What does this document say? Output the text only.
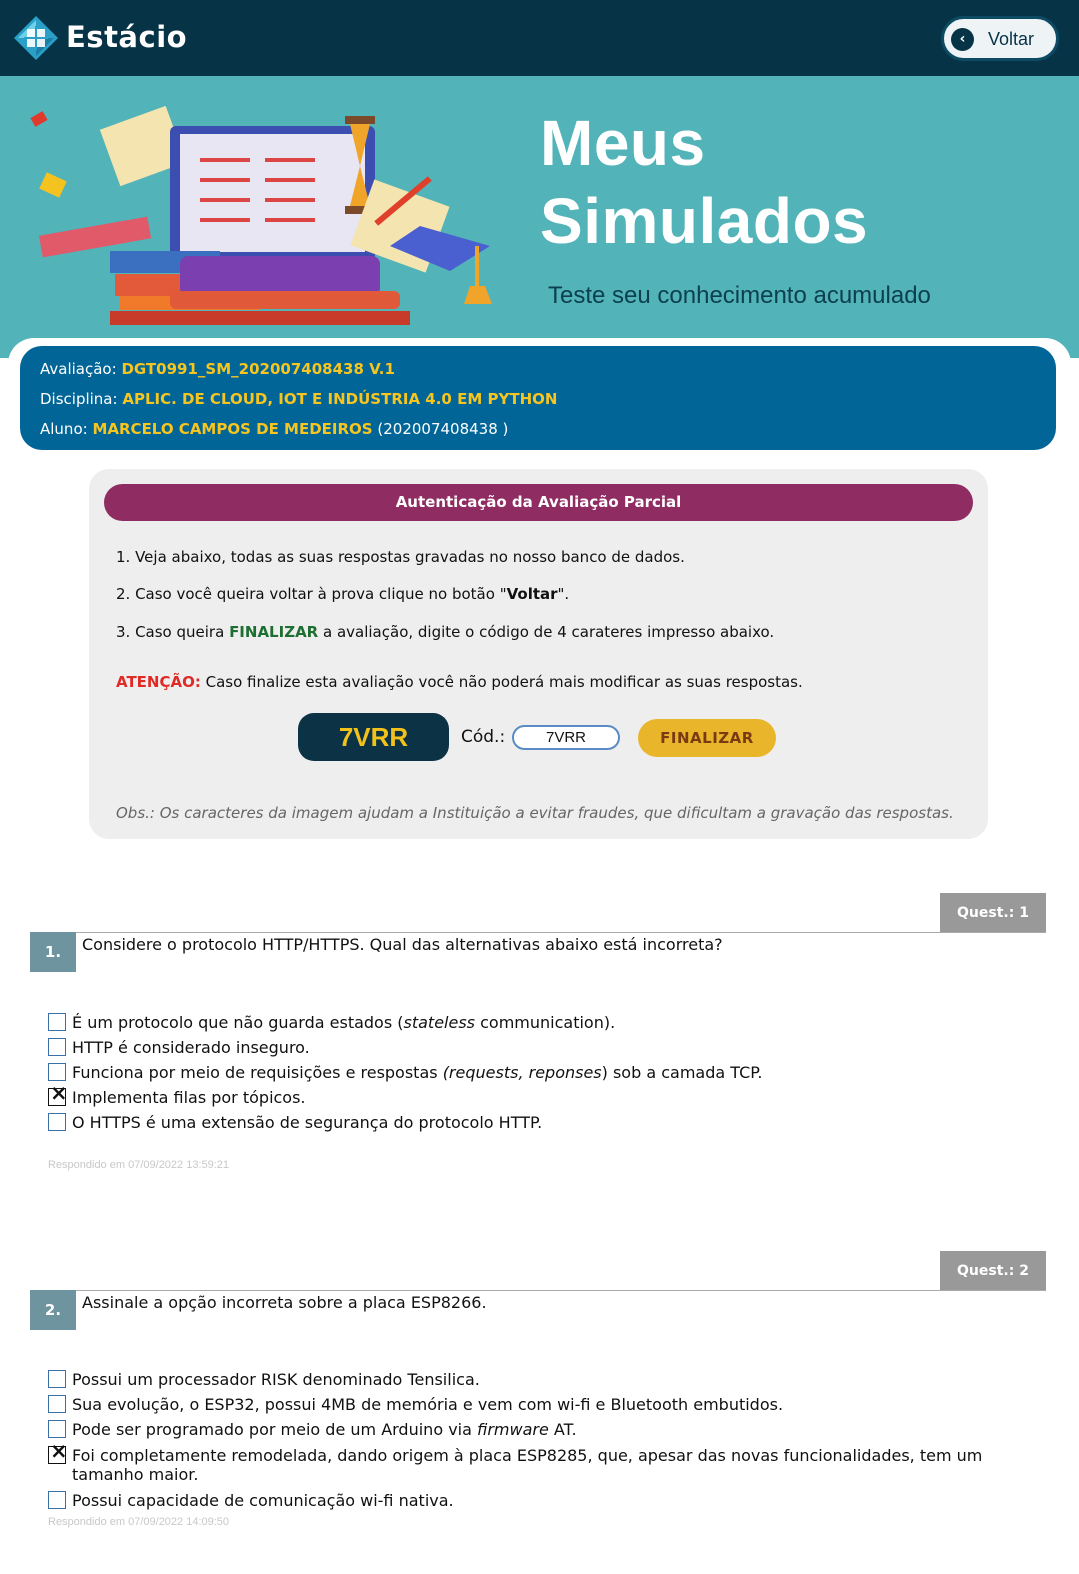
Estácio	‹	Voltar
Meus
Simulados
Teste seu conhecimento acumulado
Avaliação: DGT0991_SM_202007408438 V.1
Disciplina: APLIC. DE CLOUD, IOT E INDÚSTRIA 4.0 EM PYTHON
Aluno: MARCELO CAMPOS DE MEDEIROS (202007408438 )
Autenticação da Avaliação Parcial
1. Veja abaixo, todas as suas respostas gravadas no nosso banco de dados.
2. Caso você queira voltar à prova clique no botão "Voltar".
3. Caso queira FINALIZAR a avaliação, digite o código de 4 carateres impresso abaixo.
ATENÇÃO: Caso finalize esta avaliação você não poderá mais modificar as suas respostas.
7VRR	Cód.:
7VRR	FINALIZAR
Obs.: Os caracteres da imagem ajudam a Instituição a evitar fraudes, que dificultam a gravação das respostas.
Quest.: 1
1.	Considere o protocolo HTTP/HTTPS. Qual das alternativas abaixo está incorreta?
É um protocolo que não guarda estados (stateless communication).
HTTP é considerado inseguro.
Funciona por meio de requisições e respostas (requests, reponses) sob a camada TCP.
×
Implementa filas por tópicos.
O HTTPS é uma extensão de segurança do protocolo HTTP.
Respondido em 07/09/2022 13:59:21
Quest.: 2
2.	Assinale a opção incorreta sobre a placa ESP8266.
Possui um processador RISK denominado Tensilica.
Sua evolução, o ESP32, possui 4MB de memória e vem com wi-fi e Bluetooth embutidos.
Pode ser programado por meio de um Arduino via firmware AT.
×
Foi completamente remodelada, dando origem à placa ESP8285, que, apesar das novas funcionalidades, tem um tamanho maior.
Possui capacidade de comunicação wi-fi nativa.
Respondido em 07/09/2022 14:09:50
